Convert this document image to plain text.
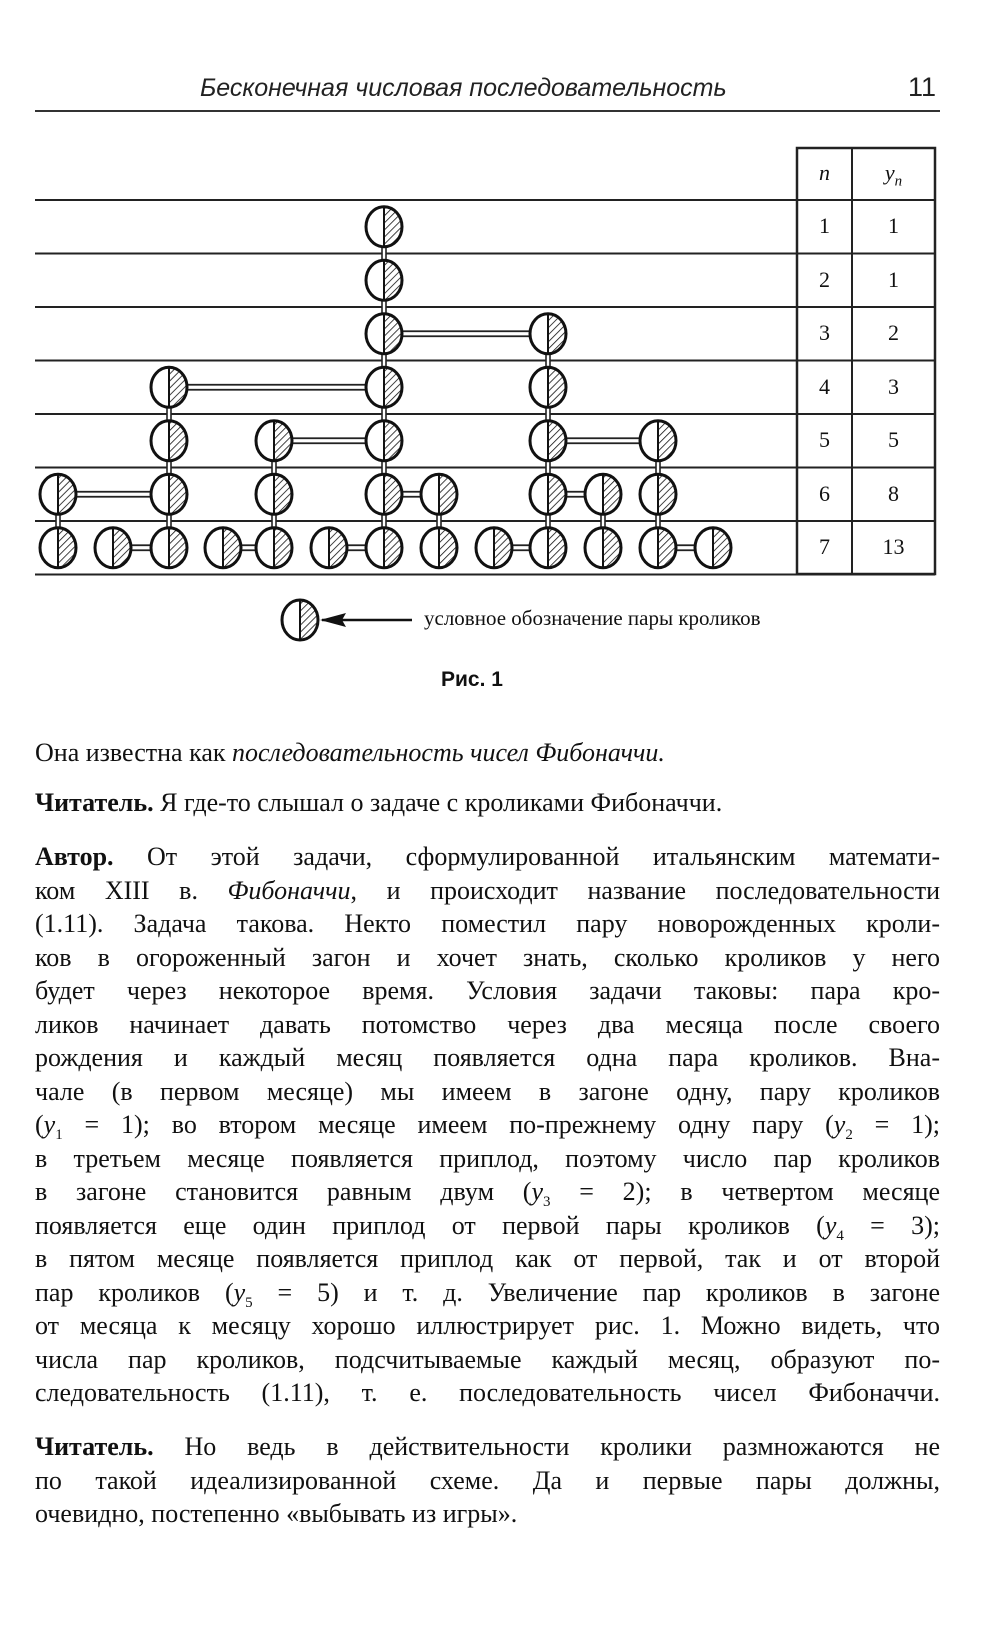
Бесконечная числовая последовательность	11
n	$y_n$
1	1
2	1
3	2
4	3
5	5
6	8
7	13
условное обозначение пары кроликов
Рис. 1
Она известна как последовательность чисел Фибоначчи.
Читатель. Я где-то слышал о задаче с кроликами Фибоначчи.
Автор. От этой задачи, сформулированной итальянским математи-
ком XIII в. Фибоначчи, и происходит название последовательности
(1.11). Задача такова. Некто поместил пару новорожденных кроли-
ков в огороженный загон и хочет знать, сколько кроликов у него
будет через некоторое время. Условия задачи таковы: пара кро-
ликов начинает давать потомство через два месяца после своего
рождения и каждый месяц появляется одна пара кроликов. Вна-
чале (в первом месяце) мы имеем в загоне одну, пару кроликов
$(y_1 = 1)$; во втором месяце имеем по-прежнему одну пару $(y_2 = 1)$;
в третьем месяце появляется приплод, поэтому число пар кроликов
в загоне становится равным двум $(y_3 = 2)$; в четвертом месяце
появляется еще один приплод от первой пары кроликов $(y_4 = 3)$;
в пятом месяце появляется приплод как от первой, так и от второй
пар кроликов $(y_5 = 5)$ и т. д. Увеличение пар кроликов в загоне
от месяца к месяцу хорошо иллюстрирует рис. 1. Можно видеть, что
числа пар кроликов, подсчитываемые каждый месяц, образуют по-
следовательность (1.11), т. е. последовательность чисел Фибоначчи.
Читатель. Но ведь в действительности кролики размножаются не
по такой идеализированной схеме. Да и первые пары должны,
очевидно, постепенно «выбывать из игры».
